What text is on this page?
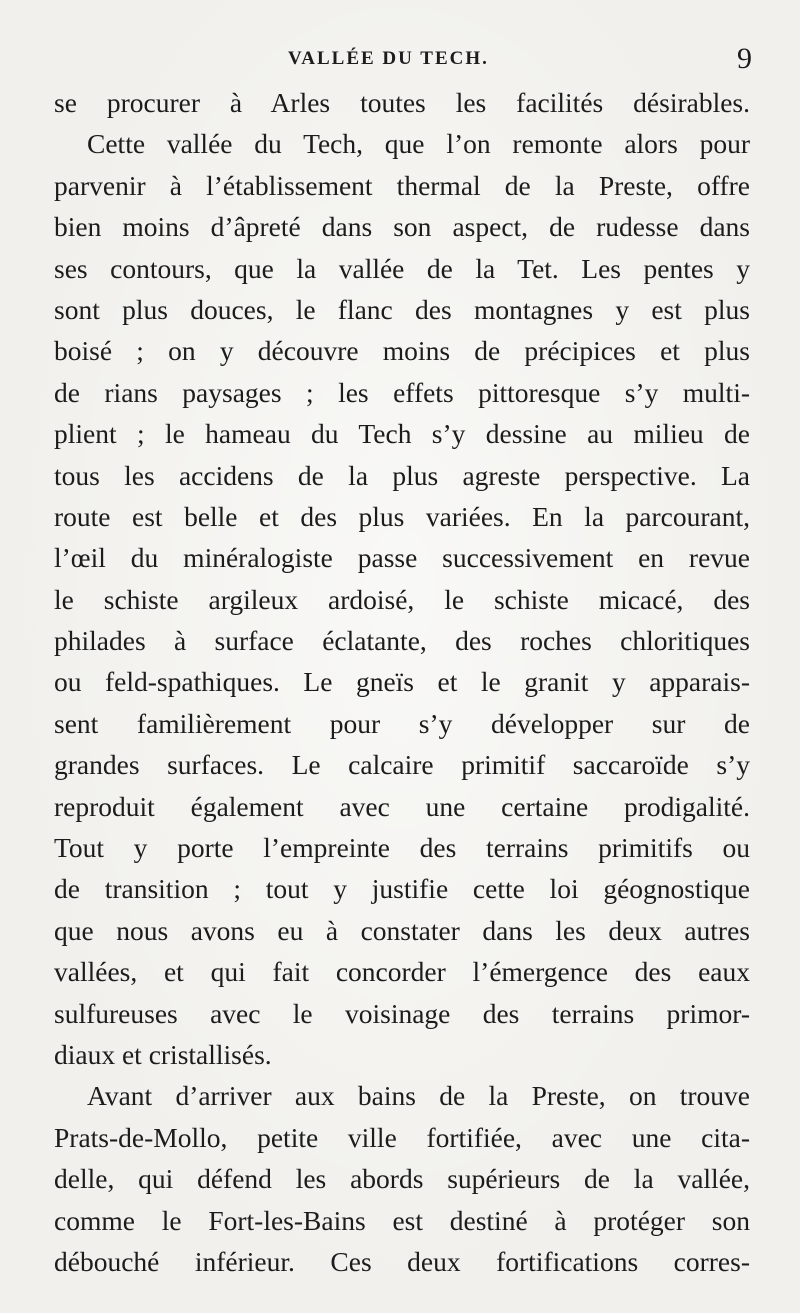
VALLÉE DU TECH.	9
se procurer à Arles toutes les facilités désirables.
Cette vallée du Tech, que l’on remonte alors pour
parvenir à l’établissement thermal de la Preste, offre
bien moins d’âpreté dans son aspect, de rudesse dans
ses contours, que la vallée de la Tet. Les pentes y
sont plus douces, le flanc des montagnes y est plus
boisé ; on y découvre moins de précipices et plus
de rians paysages ; les effets pittoresque s’y multi-
plient ; le hameau du Tech s’y dessine au milieu de
tous les accidens de la plus agreste perspective. La
route est belle et des plus variées. En la parcourant,
l’œil du minéralogiste passe successivement en revue
le schiste argileux ardoisé, le schiste micacé, des
philades à surface éclatante, des roches chloritiques
ou feld-spathiques. Le gneïs et le granit y apparais-
sent familièrement pour s’y développer sur de
grandes surfaces. Le calcaire primitif saccaroïde s’y
reproduit également avec une certaine prodigalité.
Tout y porte l’empreinte des terrains primitifs ou
de transition ; tout y justifie cette loi géognostique
que nous avons eu à constater dans les deux autres
vallées, et qui fait concorder l’émergence des eaux
sulfureuses avec le voisinage des terrains primor-
diaux et cristallisés.
Avant d’arriver aux bains de la Preste, on trouve
Prats-de-Mollo, petite ville fortifiée, avec une cita-
delle, qui défend les abords supérieurs de la vallée,
comme le Fort-les-Bains est destiné à protéger son
débouché inférieur. Ces deux fortifications corres-
